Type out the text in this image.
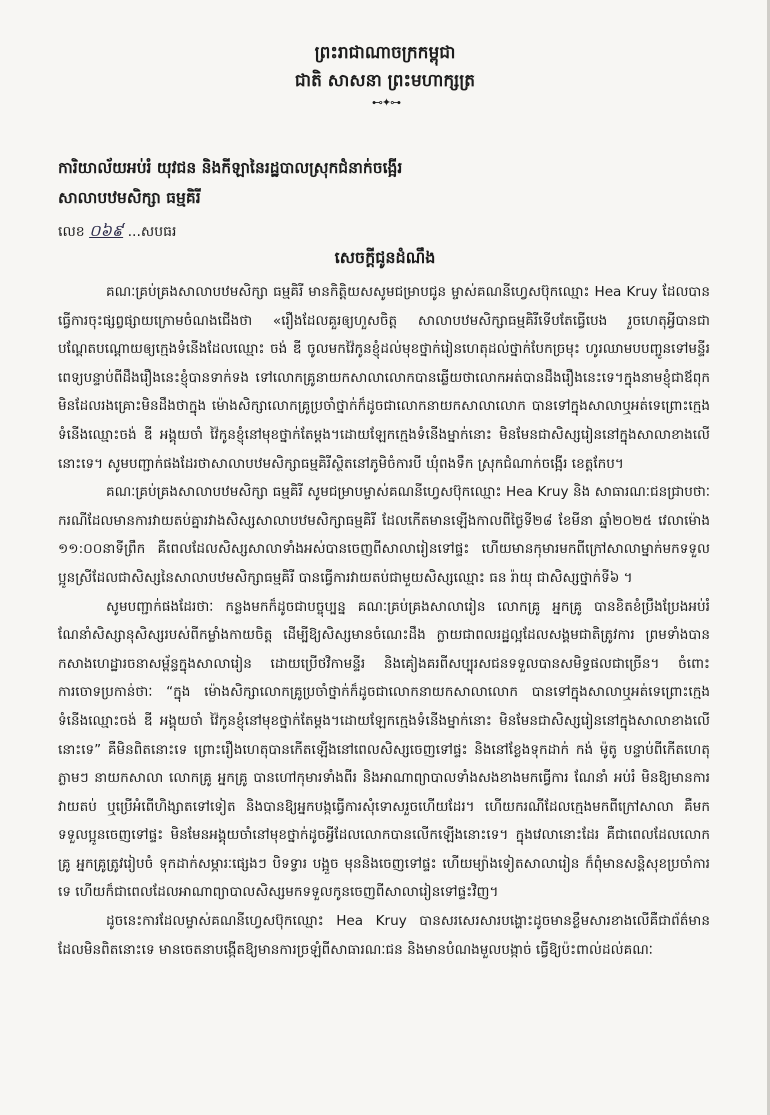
ព្រះរាជាណាចក្រកម្ពុជា
ជាតិ សាសនា ព្រះមហាក្សត្រ
⊷✦⊶
ការិយាល័យអប់រំ យុវជន និងកីឡានៃរដ្ឋបាលស្រុកជំនាក់ចង្អើរ
សាលាបឋមសិក្សា ធម្មគិរី
លេខ ០៦៩ ...សបធរ
សេចក្តីជូនដំណឹង

គណៈគ្រប់គ្រងសាលាបឋមសិក្សា ធម្មគិរី មានកិត្តិយសសូមជម្រាបជូន ម្ចាស់គណនីហ្វេសប៊ុកឈ្មោះ Hea Kruy ដែលបានធ្វើការចុះផ្សព្វផ្សាយក្រោមចំណងជើងថា «រឿងដែលគួរឲ្យហួសចិត្ត សាលាបឋមសិក្សាធម្មគិរីទើបតែធ្វើបេង រួចហេតុអ្វីបានជាបណ្តែតបណ្តោយឲ្យក្មេងទំនើងដែលឈ្មោះ ចង់ ឌី ចូលមកវ៉ៃកូនខ្ញុំដល់មុខថ្នាក់រៀនហេតុដល់ថ្នាក់បែកច្រមុះ ហូរឈាមបបញ្ចូនទៅមន្ទីរពេទ្យបន្ទាប់ពីដឹងរឿងនេះខ្ញុំបានទាក់ទង ទៅលោកគ្រូនាយកសាលាលោកបានឆ្លើយថាលោកអត់បានដឹងរឿងនេះទេ។ក្នុងនាមខ្ញុំជាឪពុកមិនដែលរងគ្រោះមិនដឹងថាក្នុង ម៉ោងសិក្សាលោកគ្រូប្រចាំថ្នាក់ក៏ដូចជាលោកនាយកសាលាលោក បានទៅក្នុងសាលាឬអត់ទេព្រោះក្មេងទំនើងឈ្មោះចង់ ឌី អង្គុយចាំ វ៉ៃកូនខ្ញុំនៅមុខថ្នាក់តែម្តង។ដោយឡែកក្មេងទំនើងម្នាក់នោះ មិនមែនជាសិស្សរៀននៅក្នុងសាលាខាងលើនោះទេ។ សូមបញ្ជាក់ផងដែរថាសាលាបឋមសិក្សាធម្មគិរីស្ថិតនៅភូមិចំការបី ឃុំពងទឹក ស្រុកជំណាក់ចង្អើរ ខេត្តកែប។

គណៈគ្រប់គ្រងសាលាបឋមសិក្សា ធម្មគិរី សូមជម្រាបម្ចាស់គណនីហ្វេសប៊ុកឈ្មោះ Hea Kruy និង សាធារណៈជនជ្រាបថាៈ ករណីដែលមានការវាយតប់គ្នារវាងសិស្សសាលាបឋមសិក្សាធម្មគិរី ដែលកើតមានឡើងកាលពីថ្ងៃទី២៨ ខែមីនា ឆ្នាំ២០២៥ វេលាម៉ោង ១១:០០នាទីព្រឹក គឺពេលដែលសិស្សសាលាទាំងអស់បានចេញពីសាលារៀនទៅផ្ទះ ហើយមានកុមារមកពីក្រៅសាលាម្នាក់មកទទួលប្អូនស្រីដែលជាសិស្សនៃសាលាបឋមសិក្សាធម្មគិរី បានធ្វើការវាយតប់ជាមួយសិស្សឈ្មោះ ធន រ៉ាយុ ជាសិស្សថ្នាក់ទី៦ ។

សូមបញ្ជាក់ផងដែរថាៈ កន្លងមកក៏ដូចជាបច្ចុប្បន្ន គណៈគ្រប់គ្រងសាលារៀន លោកគ្រូ អ្នកគ្រូ បានខិតខំប្រឹងប្រែងអប់រំ ណែនាំសិស្សានុសិស្សរបស់ពីកម្លាំងកាយចិត្ត ដើម្បីឱ្យសិស្សមានចំណេះដឹង ក្លាយជាពលរដ្ឋល្អដែលសង្គមជាតិត្រូវការ ព្រមទាំងបានកសាងហេដ្ឋារចនាសម្ព័ន្ធក្នុងសាលារៀន ដោយប្រើថវិកាមន្ទីរ និងគៀងគរពីសប្បុរសជនទទួលបានសមិទ្ធផលជាច្រើន។ ចំពោះការចោទប្រកាន់ថាៈ “ក្នុង ម៉ោងសិក្សាលោកគ្រូប្រចាំថ្នាក់ក៏ដូចជាលោកនាយកសាលាលោក បានទៅក្នុងសាលាឬអត់ទេព្រោះក្មេងទំនើងឈ្មោះចង់ ឌី អង្គុយចាំ វ៉ៃកូនខ្ញុំនៅមុខថ្នាក់តែម្តង។ដោយឡែកក្មេងទំនើងម្នាក់នោះ មិនមែនជាសិស្សរៀននៅក្នុងសាលាខាងលើនោះទេ” គឺមិនពិតនោះទេ ព្រោះរឿងហេតុបានកើតឡើងនៅពេលសិស្សចេញទៅផ្ទះ និងនៅខ្លែងទុកដាក់ កង់ ម៉ូតូ បន្ទាប់ពីកើតហេតុភ្លាមៗ នាយកសាលា លោកគ្រូ អ្នកគ្រូ បានហៅកុមារទាំងពីរ និងអាណាព្យាបាលទាំងសងខាងមកធ្វើការ ណែនាំ អប់រំ មិនឱ្យមានការវាយតប់ ឬប្រើអំពើហិង្សាតទៅទៀត និងបានឱ្យអ្នកបង្កធ្វើការសុំទោសរួចហើយដែរ។ ហើយករណីដែលក្មេងមកពីក្រៅសាលា គឺមកទទួលប្អូនចេញទៅផ្ទះ មិនមែនអង្គុយចាំនៅមុខថ្នាក់ដូចអ្វីដែលលោកបានលើកឡើងនោះទេ។ ក្នុងវេលានោះដែរ គឺជាពេលដែលលោកគ្រូ អ្នកគ្រូត្រូវរៀបចំ ទុកដាក់សម្ភារៈផ្សេងៗ បិទទ្វារ បង្អួច មុននិងចេញទៅផ្ទះ ហើយម្យ៉ាងទៀតសាលារៀន ក៏ពុំមានសន្តិសុខប្រចាំការទេ ហើយក៏ជាពេលដែលអាណាព្យាបាលសិស្សមកទទួលកូនចេញពីសាលារៀនទៅផ្ទះវិញ។

ដូចនេះការដែលម្ចាស់គណនីហ្វេសប៊ុកឈ្មោះ Hea Kruy បានសរសេរសារបង្ហោះដូចមានខ្លឹមសារខាងលើគឺជាព័ត៌មានដែលមិនពិតនោះទេ មានចេតនាបង្កើតឱ្យមានការច្រឡំពីសាធារណៈជន និងមានបំណងមួលបង្កាច់ ធ្វើឱ្យប៉ះពាល់ដល់គណៈ
